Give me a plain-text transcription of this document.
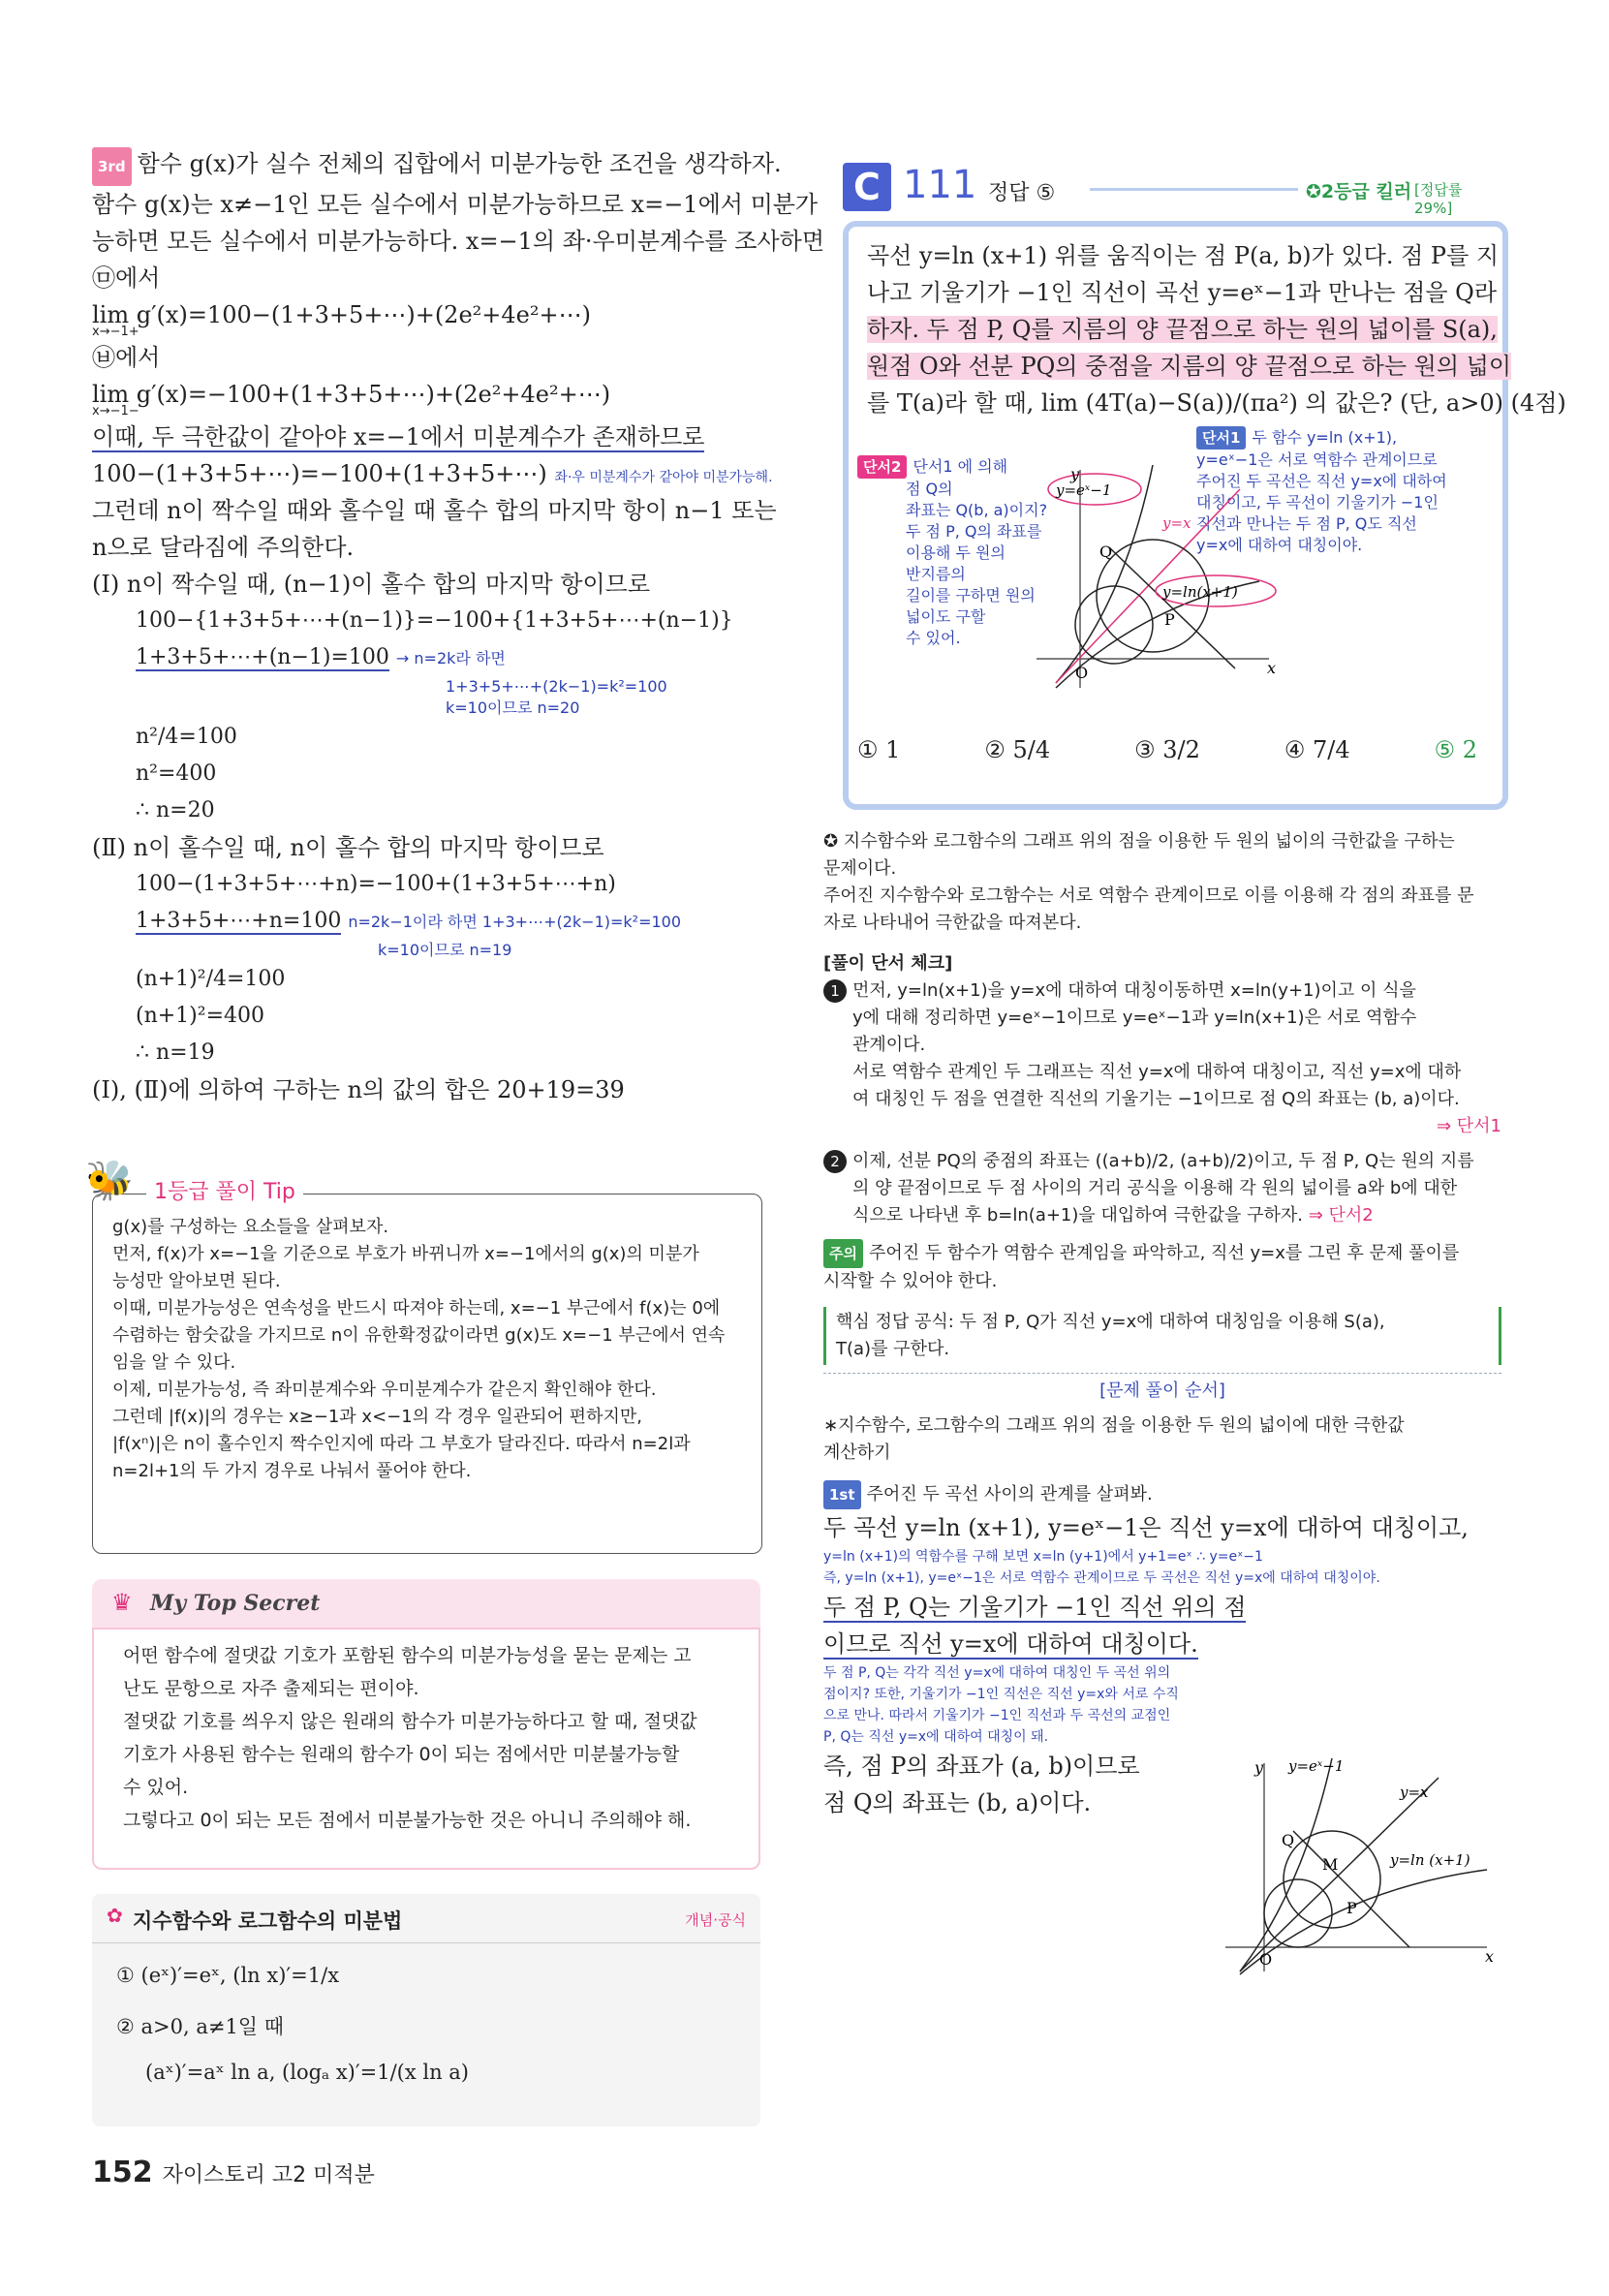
3rd 함수 g(x)가 실수 전체의 집합에서 미분가능한 조건을 생각하자.
함수 g(x)는 x≠−1인 모든 실수에서 미분가능하므로 x=−1에서 미분가
능하면 모든 실수에서 미분가능하다. x=−1의 좌·우미분계수를 조사하면
㉤에서
lim g′(x)=100−(1+3+5+⋯)+(2e²+4e²+⋯)
x→−1+
㉥에서
lim g′(x)=−100+(1+3+5+⋯)+(2e²+4e²+⋯)
x→−1−
이때, 두 극한값이 같아야 x=−1에서 미분계수가 존재하므로
100−(1+3+5+⋯)=−100+(1+3+5+⋯) 좌·우 미분계수가 같아야 미분가능해.
그런데 n이 짝수일 때와 홀수일 때 홀수 합의 마지막 항이 n−1 또는
n으로 달라짐에 주의한다.
(Ⅰ) n이 짝수일 때, (n−1)이 홀수 합의 마지막 항이므로
100−{1+3+5+⋯+(n−1)}=−100+{1+3+5+⋯+(n−1)}
1+3+5+⋯+(n−1)=100 → n=2k라 하면
1+3+5+⋯+(2k−1)=k²=100
k=10이므로 n=20
n²/4=100
n²=400
∴ n=20
(Ⅱ) n이 홀수일 때, n이 홀수 합의 마지막 항이므로
100−(1+3+5+⋯+n)=−100+(1+3+5+⋯+n)
1+3+5+⋯+n=100 n=2k−1이라 하면 1+3+⋯+(2k−1)=k²=100
k=10이므로 n=19
(n+1)²/4=100
(n+1)²=400
∴ n=19
(Ⅰ), (Ⅱ)에 의하여 구하는 n의 값의 합은 20+19=39
🐝 1등급 풀이 Tip
g(x)를 구성하는 요소들을 살펴보자.
먼저, f(x)가 x=−1을 기준으로 부호가 바뀌니까 x=−1에서의 g(x)의 미분가
능성만 알아보면 된다.
이때, 미분가능성은 연속성을 반드시 따져야 하는데, x=−1 부근에서 f(x)는 0에
수렴하는 함숫값을 가지므로 n이 유한확정값이라면 g(x)도 x=−1 부근에서 연속
임을 알 수 있다.
이제, 미분가능성, 즉 좌미분계수와 우미분계수가 같은지 확인해야 한다.
그런데 |f(x)|의 경우는 x≥−1과 x<−1의 각 경우 일관되어 편하지만,
|f(xⁿ)|은 n이 홀수인지 짝수인지에 따라 그 부호가 달라진다. 따라서 n=2l과
n=2l+1의 두 가지 경우로 나눠서 풀어야 한다.
♛ My Top Secret
어떤 함수에 절댓값 기호가 포함된 함수의 미분가능성을 묻는 문제는 고
난도 문항으로 자주 출제되는 편이야.
절댓값 기호를 씌우지 않은 원래의 함수가 미분가능하다고 할 때, 절댓값
기호가 사용된 함수는 원래의 함수가 0이 되는 점에서만 미분불가능할
수 있어.
그렇다고 0이 되는 모든 점에서 미분불가능한 것은 아니니 주의해야 해.
✿ 지수함수와 로그함수의 미분법	개념·공식
① (eˣ)′=eˣ, (ln x)′=1/x
② a>0, a≠1일 때
(aˣ)′=aˣ ln a, (logₐ x)′=1/(x ln a)
152 자이스토리 고2 미적분
C 111 정답 ⑤	✪2등급 킬러 [정답률 29%]
곡선 y=ln (x+1) 위를 움직이는 점 P(a, b)가 있다. 점 P를 지
나고 기울기가 −1인 직선이 곡선 y=eˣ−1과 만나는 점을 Q라
하자. 두 점 P, Q를 지름의 양 끝점으로 하는 원의 넓이를 S(a),
원점 O와 선분 PQ의 중점을 지름의 양 끝점으로 하는 원의 넓이
를 T(a)라 할 때, lim (4T(a)−S(a))/(πa²) 의 값은? (단, a>0) (4점)
단서1 두 함수 y=ln (x+1),
y=eˣ−1은 서로 역함수 관계이므로
주어진 두 곡선은 직선 y=x에 대하여
대칭이고, 두 곡선이 기울기가 −1인
직선과 만나는 두 점 P, Q도 직선
y=x에 대하여 대칭이야.
단서2 단서1 에 의해
점 Q의
좌표는 Q(b, a)이지?
두 점 P, Q의 좌표를
이용해 두 원의
반지름의
길이를 구하면 원의
넓이도 구할
수 있어.
y
x
O
P
Q
y=eˣ−1
y=x
y=ln(x+1)
① 1	② 5/4	③ 3/2	④ 7/4	⑤ 2
✪ 지수함수와 로그함수의 그래프 위의 점을 이용한 두 원의 넓이의 극한값을 구하는
문제이다.
주어진 지수함수와 로그함수는 서로 역함수 관계이므로 이를 이용해 각 점의 좌표를 문
자로 나타내어 극한값을 따져본다.
[풀이 단서 체크]
1 먼저, y=ln(x+1)을 y=x에 대하여 대칭이동하면 x=ln(y+1)이고 이 식을
y에 대해 정리하면 y=eˣ−1이므로 y=eˣ−1과 y=ln(x+1)은 서로 역함수
관계이다.
서로 역함수 관계인 두 그래프는 직선 y=x에 대하여 대칭이고, 직선 y=x에 대하
여 대칭인 두 점을 연결한 직선의 기울기는 −1이므로 점 Q의 좌표는 (b, a)이다.
⇒ 단서1
2 이제, 선분 PQ의 중점의 좌표는 ((a+b)/2, (a+b)/2)이고, 두 점 P, Q는 원의 지름
의 양 끝점이므로 두 점 사이의 거리 공식을 이용해 각 원의 넓이를 a와 b에 대한
식으로 나타낸 후 b=ln(a+1)을 대입하여 극한값을 구하자. ⇒ 단서2
주의 주어진 두 함수가 역함수 관계임을 파악하고, 직선 y=x를 그린 후 문제 풀이를
시작할 수 있어야 한다.
핵심 정답 공식: 두 점 P, Q가 직선 y=x에 대하여 대칭임을 이용해 S(a),
T(a)를 구한다.
[문제 풀이 순서]
∗지수함수, 로그함수의 그래프 위의 점을 이용한 두 원의 넓이에 대한 극한값
계산하기
1st 주어진 두 곡선 사이의 관계를 살펴봐.
두 곡선 y=ln (x+1), y=eˣ−1은 직선 y=x에 대하여 대칭이고,
y=ln (x+1)의 역함수를 구해 보면 x=ln (y+1)에서 y+1=eˣ ∴ y=eˣ−1
즉, y=ln (x+1), y=eˣ−1은 서로 역함수 관계이므로 두 곡선은 직선 y=x에 대하여 대칭이야.
두 점 P, Q는 기울기가 −1인 직선 위의 점
이므로 직선 y=x에 대하여 대칭이다.
두 점 P, Q는 각각 직선 y=x에 대하여 대칭인 두 곡선 위의
점이지? 또한, 기울기가 −1인 직선은 직선 y=x와 서로 수직
으로 만나. 따라서 기울기가 −1인 직선과 두 곡선의 교점인
P, Q는 직선 y=x에 대하여 대칭이 돼.
즉, 점 P의 좌표가 (a, b)이므로
점 Q의 좌표는 (b, a)이다.
y
x
O
P
Q
M
y=eˣ−1
y=x
y=ln (x+1)
